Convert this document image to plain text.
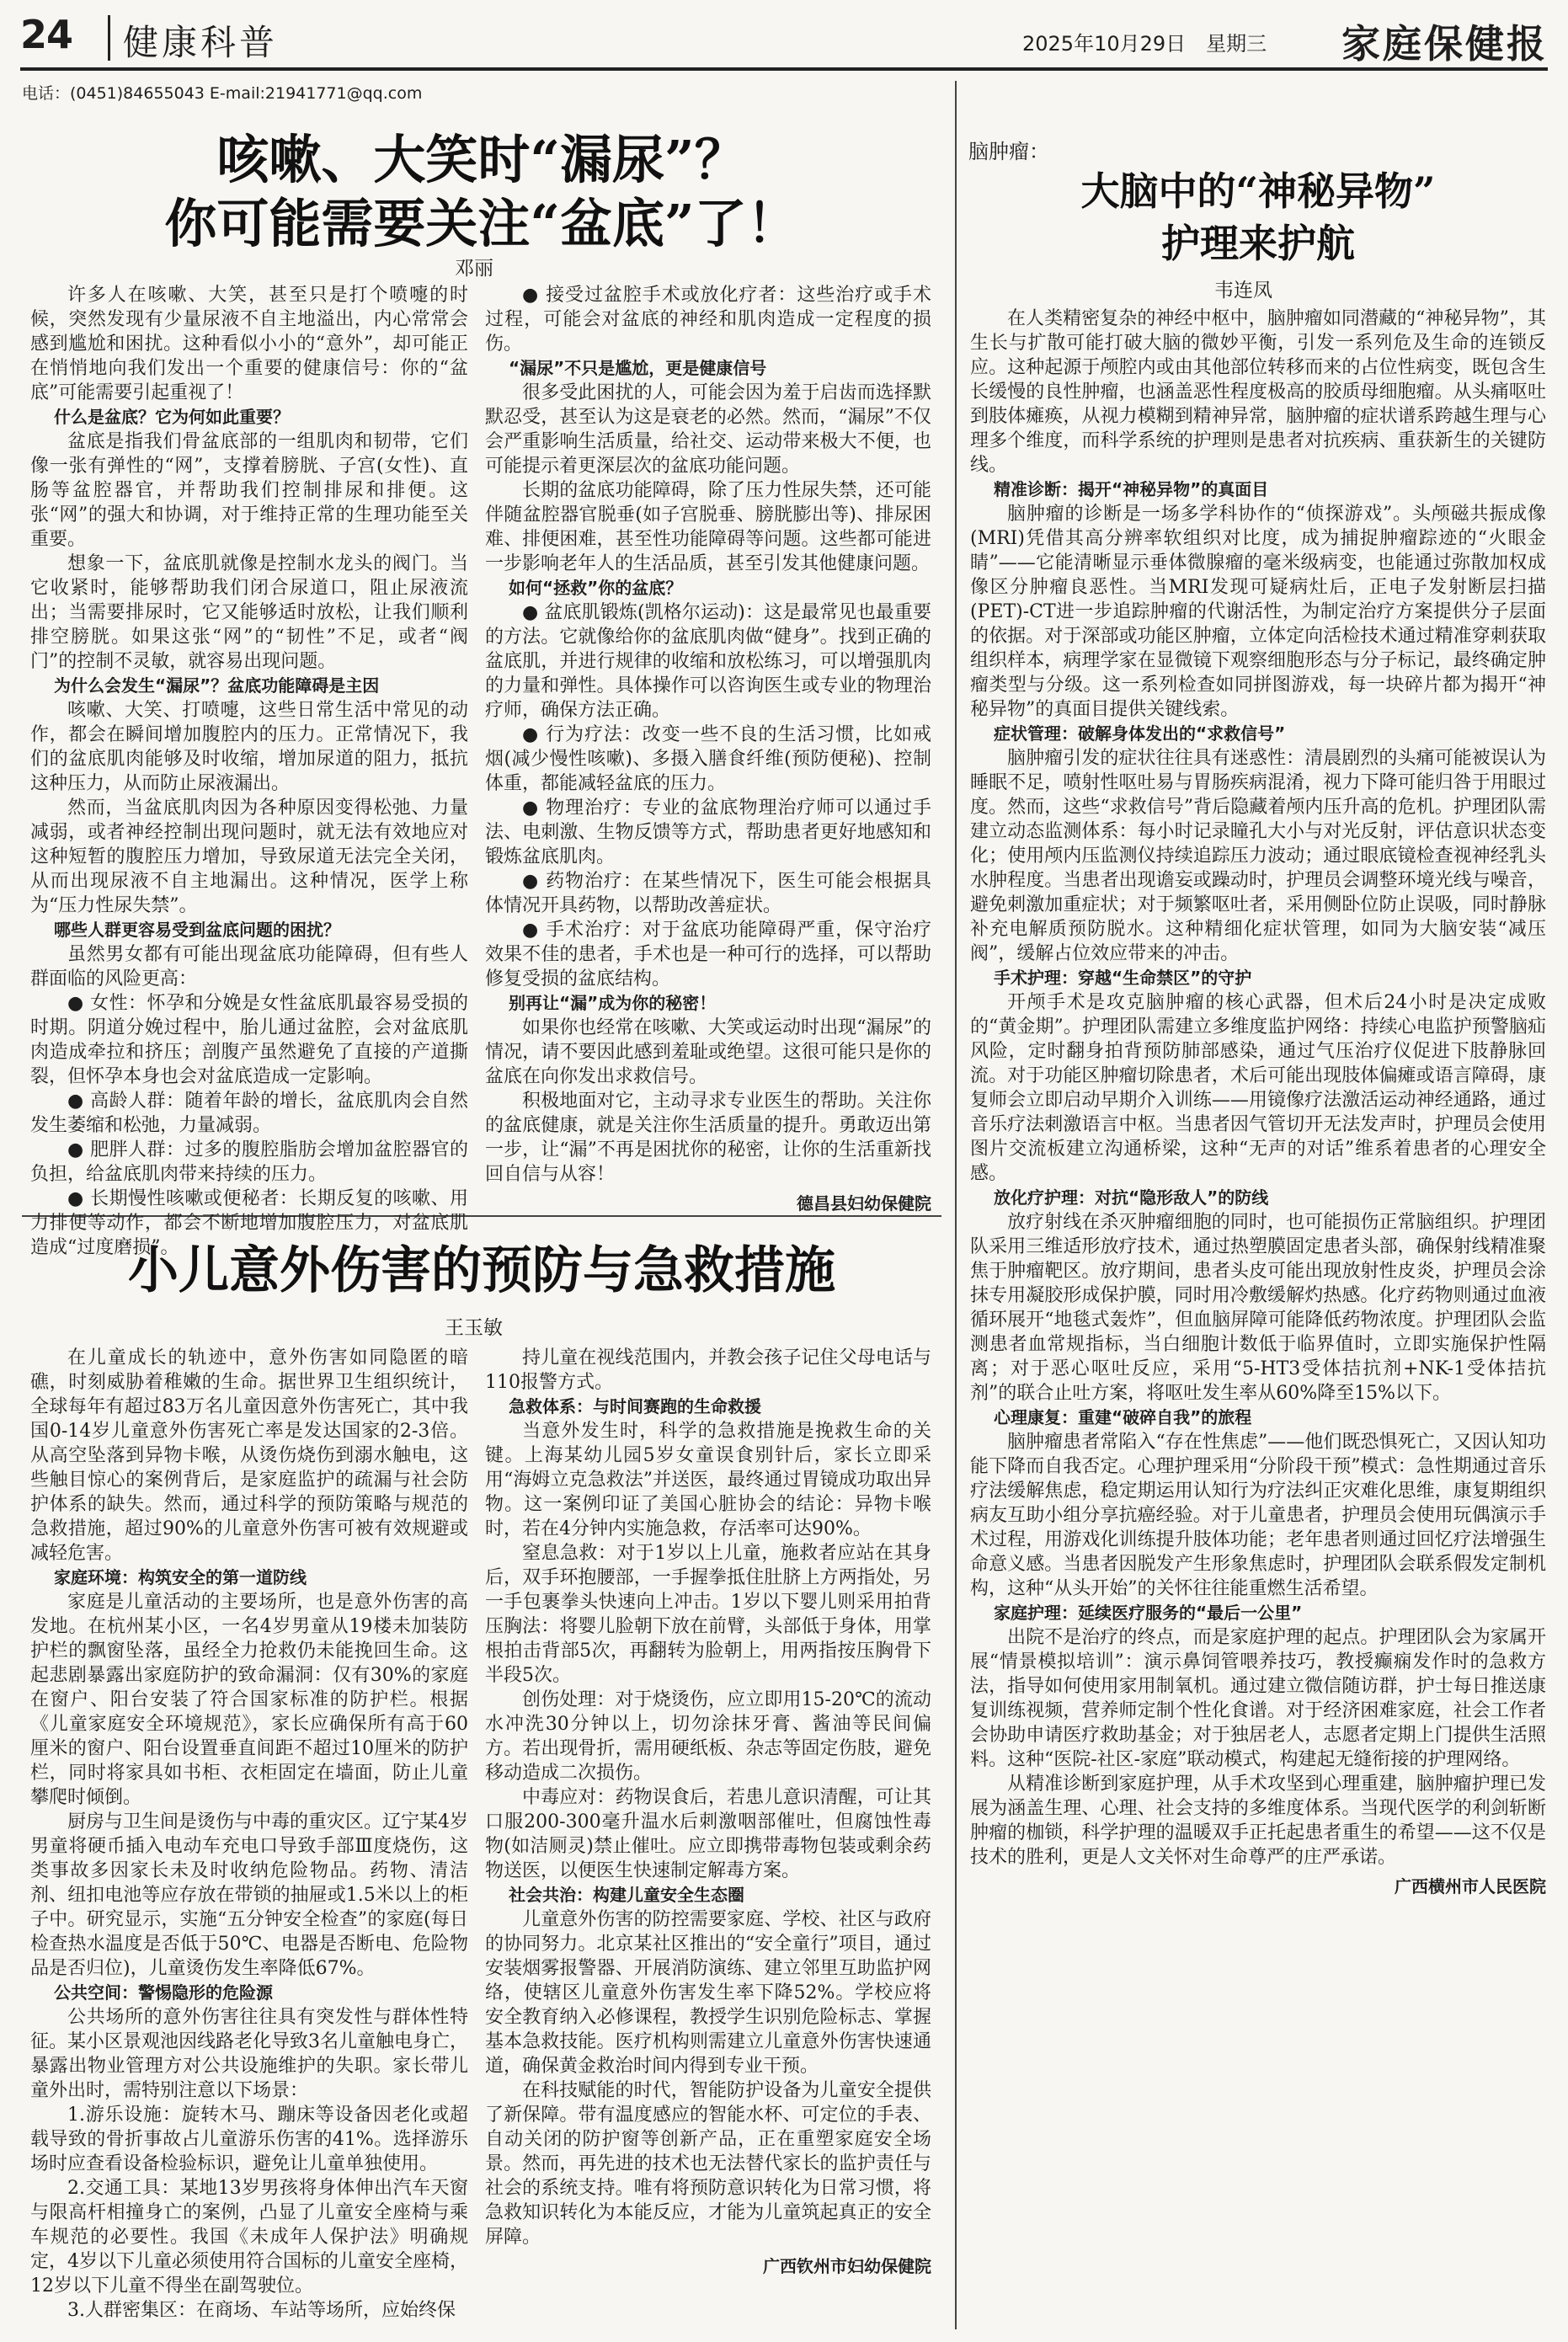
24 健康科普	2025年10月29日　星期三 家庭保健报
电话：(0451)84655043 E-mail:21941771@qq.com
咳嗽、大笑时“漏尿”？
你可能需要关注“盆底”了！
邓丽

许多人在咳嗽、大笑，甚至只是打个喷嚏的时候，突然发现有少量尿液不自主地溢出，内心常常会感到尴尬和困扰。这种看似小小的“意外”，却可能正在悄悄地向我们发出一个重要的健康信号：你的“盆底”可能需要引起重视了！

什么是盆底？它为何如此重要？

盆底是指我们骨盆底部的一组肌肉和韧带，它们像一张有弹性的“网”，支撑着膀胱、子宫(女性)、直肠等盆腔器官，并帮助我们控制排尿和排便。这张“网”的强大和协调，对于维持正常的生理功能至关重要。

想象一下，盆底肌就像是控制水龙头的阀门。当它收紧时，能够帮助我们闭合尿道口，阻止尿液流出；当需要排尿时，它又能够适时放松，让我们顺利排空膀胱。如果这张“网”的“韧性”不足，或者“阀门”的控制不灵敏，就容易出现问题。

为什么会发生“漏尿”？盆底功能障碍是主因

咳嗽、大笑、打喷嚏，这些日常生活中常见的动作，都会在瞬间增加腹腔内的压力。正常情况下，我们的盆底肌肉能够及时收缩，增加尿道的阻力，抵抗这种压力，从而防止尿液漏出。

然而，当盆底肌肉因为各种原因变得松弛、力量减弱，或者神经控制出现问题时，就无法有效地应对这种短暂的腹腔压力增加，导致尿道无法完全关闭，从而出现尿液不自主地漏出。这种情况，医学上称为“压力性尿失禁”。

哪些人群更容易受到盆底问题的困扰？

虽然男女都有可能出现盆底功能障碍，但有些人群面临的风险更高：

● 女性：怀孕和分娩是女性盆底肌最容易受损的时期。阴道分娩过程中，胎儿通过盆腔，会对盆底肌肉造成牵拉和挤压；剖腹产虽然避免了直接的产道撕裂，但怀孕本身也会对盆底造成一定影响。

● 高龄人群：随着年龄的增长，盆底肌肉会自然发生萎缩和松弛，力量减弱。

● 肥胖人群：过多的腹腔脂肪会增加盆腔器官的负担，给盆底肌肉带来持续的压力。

● 长期慢性咳嗽或便秘者：长期反复的咳嗽、用力排便等动作，都会不断地增加腹腔压力，对盆底肌造成“过度磨损”。

● 接受过盆腔手术或放化疗者：这些治疗或手术过程，可能会对盆底的神经和肌肉造成一定程度的损伤。

“漏尿”不只是尴尬，更是健康信号

很多受此困扰的人，可能会因为羞于启齿而选择默默忍受，甚至认为这是衰老的必然。然而，“漏尿”不仅会严重影响生活质量，给社交、运动带来极大不便，也可能提示着更深层次的盆底功能问题。

长期的盆底功能障碍，除了压力性尿失禁，还可能伴随盆腔器官脱垂(如子宫脱垂、膀胱膨出等)、排尿困难、排便困难，甚至性功能障碍等问题。这些都可能进一步影响老年人的生活品质，甚至引发其他健康问题。

如何“拯救”你的盆底？

● 盆底肌锻炼(凯格尔运动)：这是最常见也最重要的方法。它就像给你的盆底肌肉做“健身”。找到正确的盆底肌，并进行规律的收缩和放松练习，可以增强肌肉的力量和弹性。具体操作可以咨询医生或专业的物理治疗师，确保方法正确。

● 行为疗法：改变一些不良的生活习惯，比如戒烟(减少慢性咳嗽)、多摄入膳食纤维(预防便秘)、控制体重，都能减轻盆底的压力。

● 物理治疗：专业的盆底物理治疗师可以通过手法、电刺激、生物反馈等方式，帮助患者更好地感知和锻炼盆底肌肉。

● 药物治疗：在某些情况下，医生可能会根据具体情况开具药物，以帮助改善症状。

● 手术治疗：对于盆底功能障碍严重，保守治疗效果不佳的患者，手术也是一种可行的选择，可以帮助修复受损的盆底结构。

别再让“漏”成为你的秘密！

如果你也经常在咳嗽、大笑或运动时出现“漏尿”的情况，请不要因此感到羞耻或绝望。这很可能只是你的盆底在向你发出求救信号。

积极地面对它，主动寻求专业医生的帮助。关注你的盆底健康，就是关注你生活质量的提升。勇敢迈出第一步，让“漏”不再是困扰你的秘密，让你的生活重新找回自信与从容！

德昌县妇幼保健院

小儿意外伤害的预防与急救措施
王玉敏

在儿童成长的轨迹中，意外伤害如同隐匿的暗礁，时刻威胁着稚嫩的生命。据世界卫生组织统计，全球每年有超过83万名儿童因意外伤害死亡，其中我国0-14岁儿童意外伤害死亡率是发达国家的2-3倍。从高空坠落到异物卡喉，从烫伤烧伤到溺水触电，这些触目惊心的案例背后，是家庭监护的疏漏与社会防护体系的缺失。然而，通过科学的预防策略与规范的急救措施，超过90%的儿童意外伤害可被有效规避或减轻危害。

家庭环境：构筑安全的第一道防线

家庭是儿童活动的主要场所，也是意外伤害的高发地。在杭州某小区，一名4岁男童从19楼未加装防护栏的飘窗坠落，虽经全力抢救仍未能挽回生命。这起悲剧暴露出家庭防护的致命漏洞：仅有30%的家庭在窗户、阳台安装了符合国家标准的防护栏。根据《儿童家庭安全环境规范》，家长应确保所有高于60厘米的窗户、阳台设置垂直间距不超过10厘米的防护栏，同时将家具如书柜、衣柜固定在墙面，防止儿童攀爬时倾倒。

厨房与卫生间是烫伤与中毒的重灾区。辽宁某4岁男童将硬币插入电动车充电口导致手部Ⅲ度烧伤，这类事故多因家长未及时收纳危险物品。药物、清洁剂、纽扣电池等应存放在带锁的抽屉或1.5米以上的柜子中。研究显示，实施“五分钟安全检查”的家庭(每日检查热水温度是否低于50℃、电器是否断电、危险物品是否归位)，儿童烫伤发生率降低67%。

公共空间：警惕隐形的危险源

公共场所的意外伤害往往具有突发性与群体性特征。某小区景观池因线路老化导致3名儿童触电身亡，暴露出物业管理方对公共设施维护的失职。家长带儿童外出时，需特别注意以下场景：

1.游乐设施：旋转木马、蹦床等设备因老化或超载导致的骨折事故占儿童游乐伤害的41%。选择游乐场时应查看设备检验标识，避免让儿童单独使用。

2.交通工具：某地13岁男孩将身体伸出汽车天窗与限高杆相撞身亡的案例，凸显了儿童安全座椅与乘车规范的必要性。我国《未成年人保护法》明确规定，4岁以下儿童必须使用符合国标的儿童安全座椅，12岁以下儿童不得坐在副驾驶位。

3.人群密集区：在商场、车站等场所，应始终保

持儿童在视线范围内，并教会孩子记住父母电话与110报警方式。

急救体系：与时间赛跑的生命救援

当意外发生时，科学的急救措施是挽救生命的关键。上海某幼儿园5岁女童误食别针后，家长立即采用“海姆立克急救法”并送医，最终通过胃镜成功取出异物。这一案例印证了美国心脏协会的结论：异物卡喉时，若在4分钟内实施急救，存活率可达90%。

窒息急救：对于1岁以上儿童，施救者应站在其身后，双手环抱腰部，一手握拳抵住肚脐上方两指处，另一手包裹拳头快速向上冲击。1岁以下婴儿则采用拍背压胸法：将婴儿脸朝下放在前臂，头部低于身体，用掌根拍击背部5次，再翻转为脸朝上，用两指按压胸骨下半段5次。

创伤处理：对于烧烫伤，应立即用15-20℃的流动水冲洗30分钟以上，切勿涂抹牙膏、酱油等民间偏方。若出现骨折，需用硬纸板、杂志等固定伤肢，避免移动造成二次损伤。

中毒应对：药物误食后，若患儿意识清醒，可让其口服200-300毫升温水后刺激咽部催吐，但腐蚀性毒物(如洁厕灵)禁止催吐。应立即携带毒物包装或剩余药物送医，以便医生快速制定解毒方案。

社会共治：构建儿童安全生态圈

儿童意外伤害的防控需要家庭、学校、社区与政府的协同努力。北京某社区推出的“安全童行”项目，通过安装烟雾报警器、开展消防演练、建立邻里互助监护网络，使辖区儿童意外伤害发生率下降52%。学校应将安全教育纳入必修课程，教授学生识别危险标志、掌握基本急救技能。医疗机构则需建立儿童意外伤害快速通道，确保黄金救治时间内得到专业干预。

在科技赋能的时代，智能防护设备为儿童安全提供了新保障。带有温度感应的智能水杯、可定位的手表、自动关闭的防护窗等创新产品，正在重塑家庭安全场景。然而，再先进的技术也无法替代家长的监护责任与社会的系统支持。唯有将预防意识转化为日常习惯，将急救知识转化为本能反应，才能为儿童筑起真正的安全屏障。

广西钦州市妇幼保健院

脑肿瘤：
大脑中的“神秘异物”
护理来护航
韦连凤

在人类精密复杂的神经中枢中，脑肿瘤如同潜藏的“神秘异物”，其生长与扩散可能打破大脑的微妙平衡，引发一系列危及生命的连锁反应。这种起源于颅腔内或由其他部位转移而来的占位性病变，既包含生长缓慢的良性肿瘤，也涵盖恶性程度极高的胶质母细胞瘤。从头痛呕吐到肢体瘫痪，从视力模糊到精神异常，脑肿瘤的症状谱系跨越生理与心理多个维度，而科学系统的护理则是患者对抗疾病、重获新生的关键防线。

精准诊断：揭开“神秘异物”的真面目

脑肿瘤的诊断是一场多学科协作的“侦探游戏”。头颅磁共振成像(MRI)凭借其高分辨率软组织对比度，成为捕捉肿瘤踪迹的“火眼金睛”——它能清晰显示垂体微腺瘤的毫米级病变，也能通过弥散加权成像区分肿瘤良恶性。当MRI发现可疑病灶后，正电子发射断层扫描(PET)-CT进一步追踪肿瘤的代谢活性，为制定治疗方案提供分子层面的依据。对于深部或功能区肿瘤，立体定向活检技术通过精准穿刺获取组织样本，病理学家在显微镜下观察细胞形态与分子标记，最终确定肿瘤类型与分级。这一系列检查如同拼图游戏，每一块碎片都为揭开“神秘异物”的真面目提供关键线索。

症状管理：破解身体发出的“求救信号”

脑肿瘤引发的症状往往具有迷惑性：清晨剧烈的头痛可能被误认为睡眠不足，喷射性呕吐易与胃肠疾病混淆，视力下降可能归咎于用眼过度。然而，这些“求救信号”背后隐藏着颅内压升高的危机。护理团队需建立动态监测体系：每小时记录瞳孔大小与对光反射，评估意识状态变化；使用颅内压监测仪持续追踪压力波动；通过眼底镜检查视神经乳头水肿程度。当患者出现谵妄或躁动时，护理员会调整环境光线与噪音，避免刺激加重症状；对于频繁呕吐者，采用侧卧位防止误吸，同时静脉补充电解质预防脱水。这种精细化症状管理，如同为大脑安装“减压阀”，缓解占位效应带来的冲击。

手术护理：穿越“生命禁区”的守护

开颅手术是攻克脑肿瘤的核心武器，但术后24小时是决定成败的“黄金期”。护理团队需建立多维度监护网络：持续心电监护预警脑疝风险，定时翻身拍背预防肺部感染，通过气压治疗仪促进下肢静脉回流。对于功能区肿瘤切除患者，术后可能出现肢体偏瘫或语言障碍，康复师会立即启动早期介入训练——用镜像疗法激活运动神经通路，通过音乐疗法刺激语言中枢。当患者因气管切开无法发声时，护理员会使用图片交流板建立沟通桥梁，这种“无声的对话”维系着患者的心理安全感。

放化疗护理：对抗“隐形敌人”的防线

放疗射线在杀灭肿瘤细胞的同时，也可能损伤正常脑组织。护理团队采用三维适形放疗技术，通过热塑膜固定患者头部，确保射线精准聚焦于肿瘤靶区。放疗期间，患者头皮可能出现放射性皮炎，护理员会涂抹专用凝胶形成保护膜，同时用冷敷缓解灼热感。化疗药物则通过血液循环展开“地毯式轰炸”，但血脑屏障可能降低药物浓度。护理团队会监测患者血常规指标，当白细胞计数低于临界值时，立即实施保护性隔离；对于恶心呕吐反应，采用“5-HT3受体拮抗剂+NK-1受体拮抗剂”的联合止吐方案，将呕吐发生率从60%降至15%以下。

心理康复：重建“破碎自我”的旅程

脑肿瘤患者常陷入“存在性焦虑”——他们既恐惧死亡，又因认知功能下降而自我否定。心理护理采用“分阶段干预”模式：急性期通过音乐疗法缓解焦虑，稳定期运用认知行为疗法纠正灾难化思维，康复期组织病友互助小组分享抗癌经验。对于儿童患者，护理员会使用玩偶演示手术过程，用游戏化训练提升肢体功能；老年患者则通过回忆疗法增强生命意义感。当患者因脱发产生形象焦虑时，护理团队会联系假发定制机构，这种“从头开始”的关怀往往能重燃生活希望。

家庭护理：延续医疗服务的“最后一公里”

出院不是治疗的终点，而是家庭护理的起点。护理团队会为家属开展“情景模拟培训”：演示鼻饲管喂养技巧，教授癫痫发作时的急救方法，指导如何使用家用制氧机。通过建立微信随访群，护士每日推送康复训练视频，营养师定制个性化食谱。对于经济困难家庭，社会工作者会协助申请医疗救助基金；对于独居老人，志愿者定期上门提供生活照料。这种“医院-社区-家庭”联动模式，构建起无缝衔接的护理网络。

从精准诊断到家庭护理，从手术攻坚到心理重建，脑肿瘤护理已发展为涵盖生理、心理、社会支持的多维度体系。当现代医学的利剑斩断肿瘤的枷锁，科学护理的温暖双手正托起患者重生的希望——这不仅是技术的胜利，更是人文关怀对生命尊严的庄严承诺。

广西横州市人民医院
